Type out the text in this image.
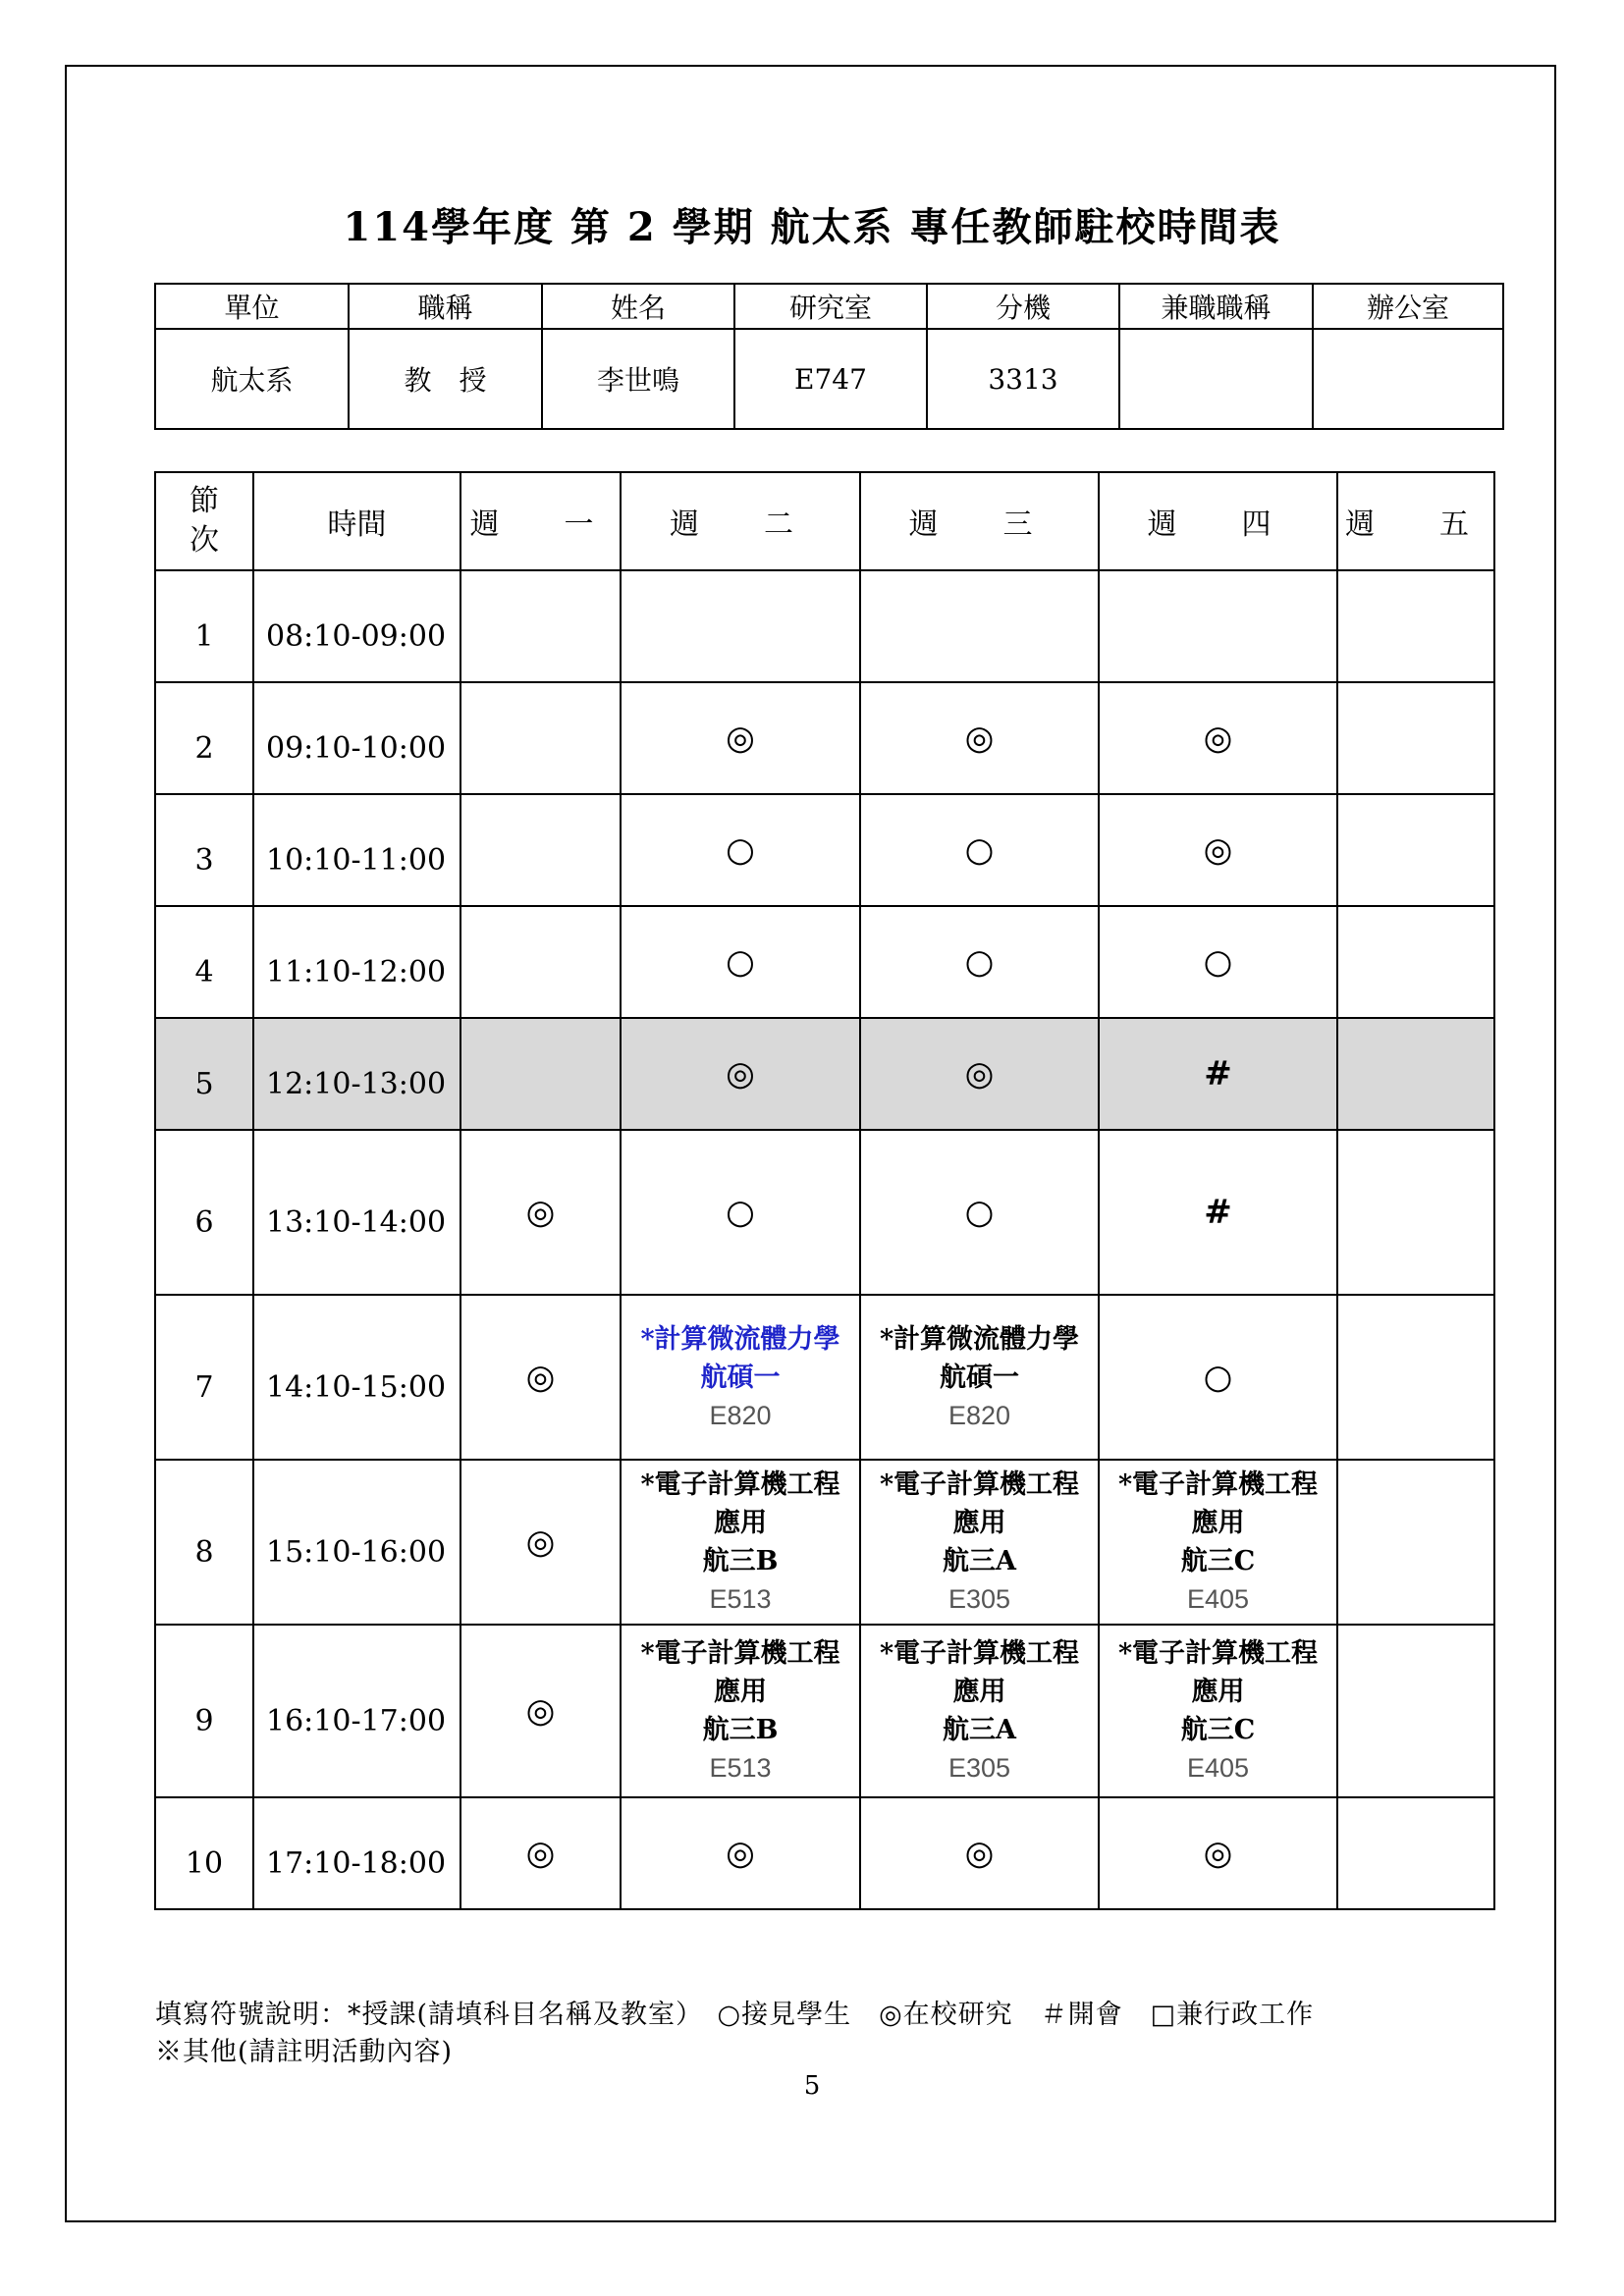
114學年度 第 2 學期 航太系 專任教師駐校時間表
單位	職稱	姓名	研究室	分機	兼職職稱	辦公室
航太系	教　授	李世鳴	E747	3313		
節
次	時間	週　一	週　二	週　三	週　四	週　五
1	08:10-09:00	

2	09:10-10:00		◎	◎	◎	

3	10:10-11:00		○	○	◎	

4	11:10-12:00		○	○	○	

5	12:10-13:00		◎	◎	#	

6	13:10-14:00	◎	○	○	#	

7	14:10-15:00	◎	*計算微流體力學
航碩一
E820	*計算微流體力學
航碩一
E820	○	

8	15:10-16:00	◎	*電子計算機工程
應用
航三B
E513	*電子計算機工程
應用
航三A
E305	*電子計算機工程
應用
航三C
E405	

9	16:10-17:00	◎	*電子計算機工程
應用
航三B
E513	*電子計算機工程
應用
航三A
E305	*電子計算機工程
應用
航三C
E405	

10	17:10-18:00	◎	◎	◎	◎	

填寫符號說明：*授課(請填科目名稱及教室）　○接見學生　◎在校研究　＃開會　□兼行政工作
※其他(請註明活動內容)
5
